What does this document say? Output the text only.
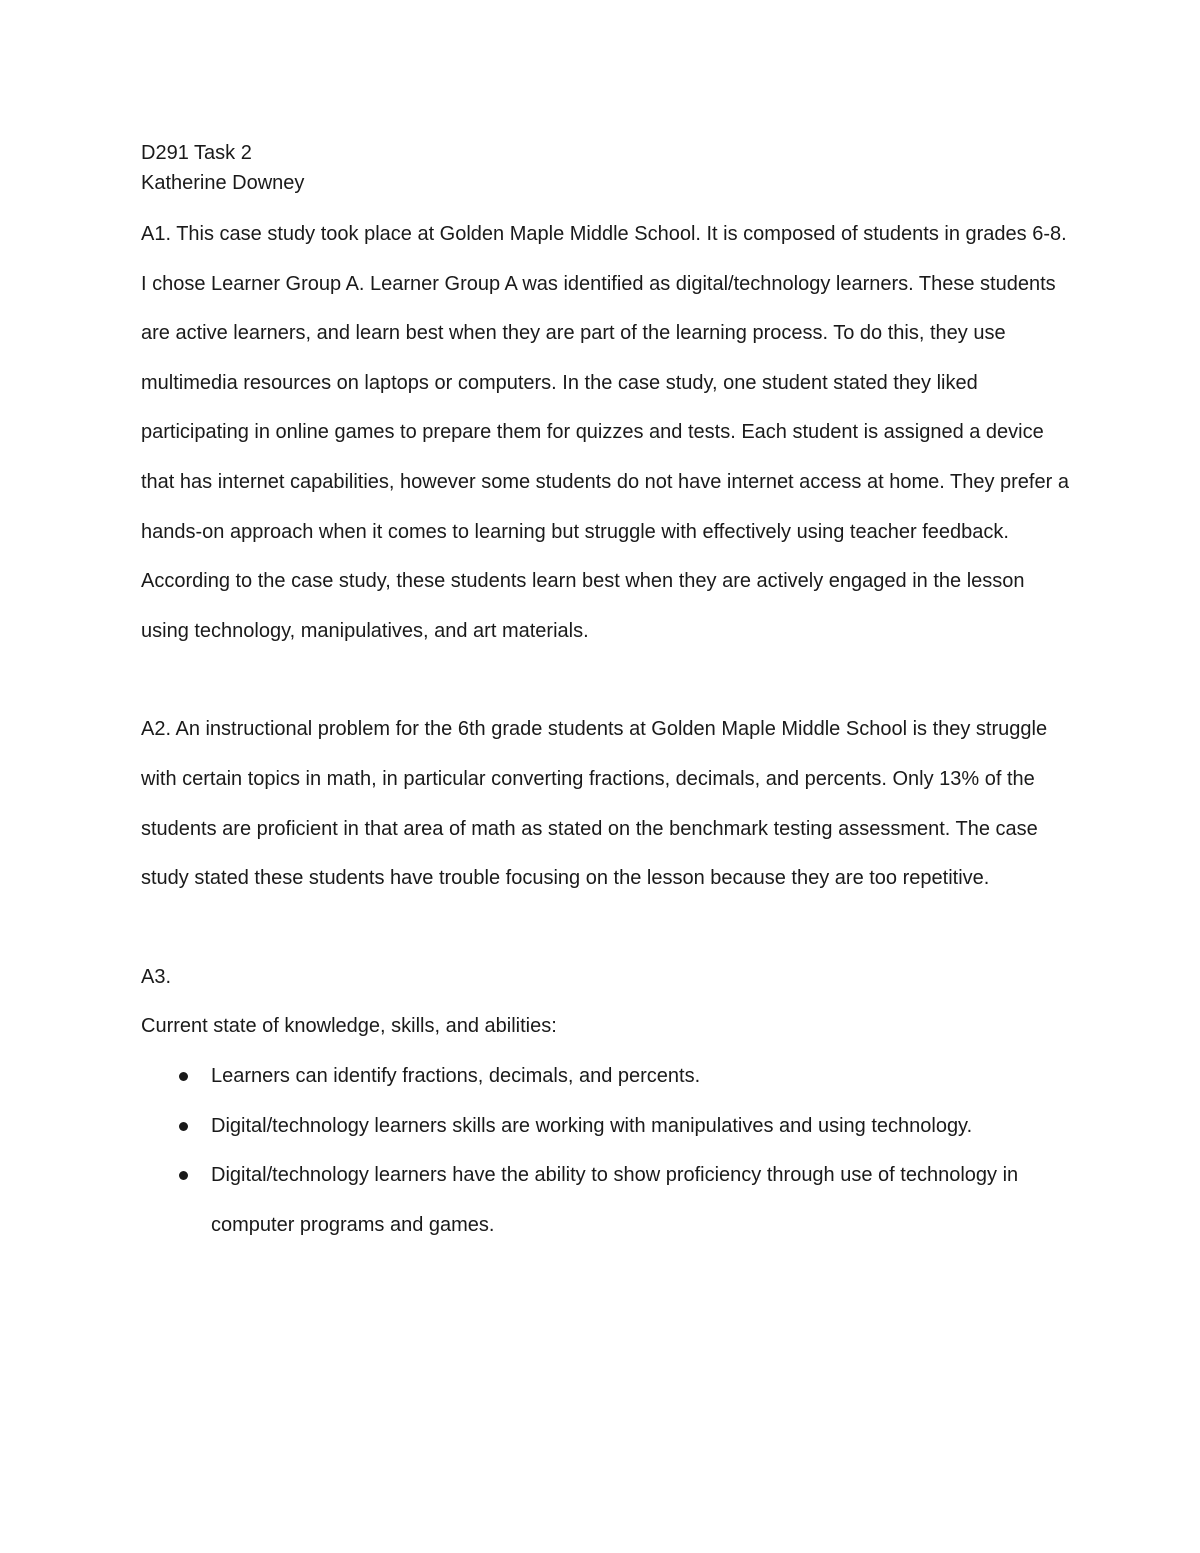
D291 Task 2

Katherine Downey

A1. This case study took place at Golden Maple Middle School. It is composed of students in grades 6-8. I chose Learner Group A. Learner Group A was identified as digital/technology learners. These students are active learners, and learn best when they are part of the learning process. To do this, they use multimedia resources on laptops or computers. In the case study, one student stated they liked participating in online games to prepare them for quizzes and tests. Each student is assigned a device that has internet capabilities, however some students do not have internet access at home. They prefer a hands-on approach when it comes to learning but struggle with effectively using teacher feedback. According to the case study, these students learn best when they are actively engaged in the lesson using technology, manipulatives, and art materials.

A2. An instructional problem for the 6th grade students at Golden Maple Middle School is they struggle with certain topics in math, in particular converting fractions, decimals, and percents. Only 13% of the students are proficient in that area of math as stated on the benchmark testing assessment. The case study stated these students have trouble focusing on the lesson because they are too repetitive.

A3.

Current state of knowledge, skills, and abilities:

Learners can identify fractions, decimals, and percents.
Digital/technology learners skills are working with manipulatives and using technology.
Digital/technology learners have the ability to show proficiency through use of technology in computer programs and games.
